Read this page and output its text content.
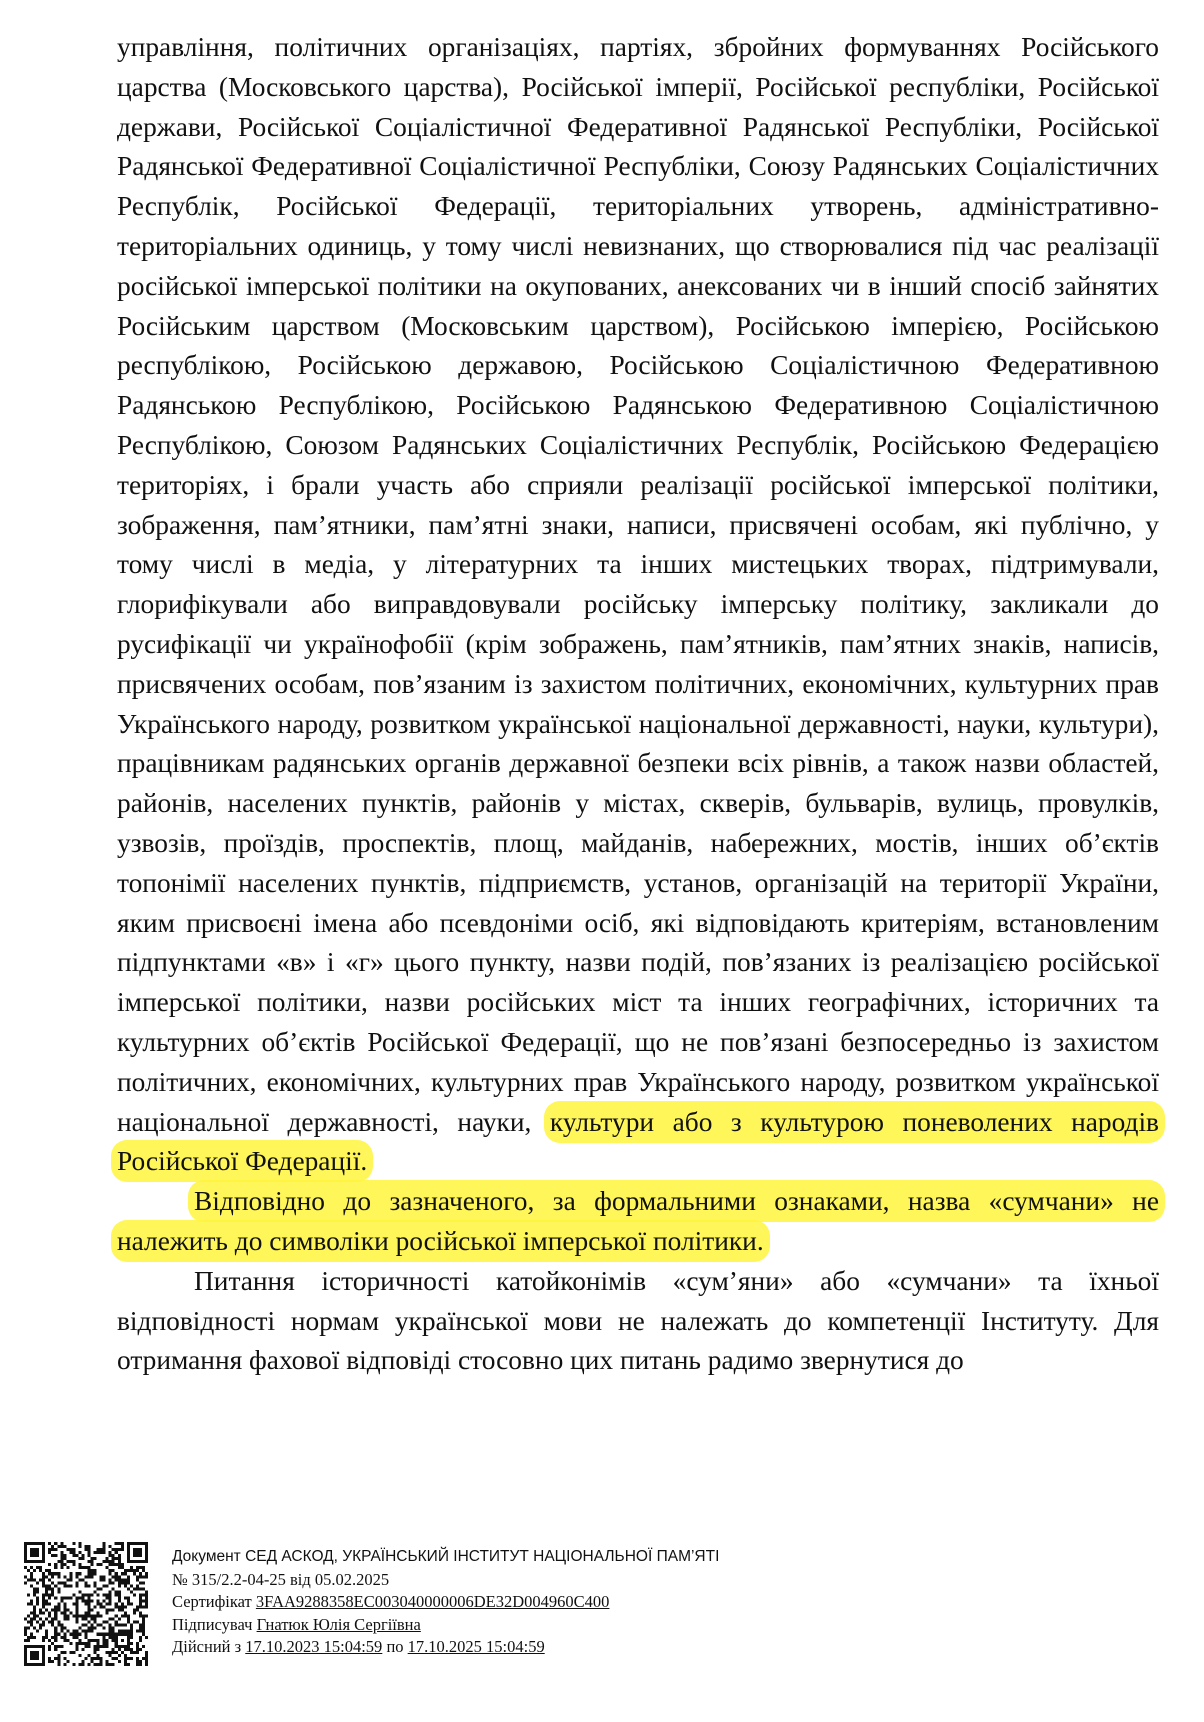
управління, політичних організаціях, партіях, збройних формуваннях Російського царства (Московського царства), Російської імперії, Російської республіки, Російської держави, Російської Соціалістичної Федеративної Радянської Республіки, Російської Радянської Федеративної Соціалістичної Республіки, Союзу Радянських Соціалістичних Республік, Російської Федерації, територіальних утворень, адміністративно-територіальних одиниць, у тому числі невизнаних, що створювалися під час реалізації російської імперської політики на окупованих, анексованих чи в інший спосіб зайнятих Російським царством (Московським царством), Російською імперією, Російською республікою, Російською державою, Російською Соціалістичною Федеративною Радянською Республікою, Російською Радянською Федеративною Соціалістичною Республікою, Союзом Радянських Соціалістичних Республік, Російською Федерацією територіях, і брали участь або сприяли реалізації російської імперської політики, зображення, пам’ятники, пам’ятні знаки, написи, присвячені особам, які публічно, у тому числі в медіа, у літературних та інших мистецьких творах, підтримували, глорифікували або виправдовували російську імперську політику, закликали до русифікації чи українофобії (крім зображень, пам’ятників, пам’ятних знаків, написів, присвячених особам, пов’язаним із захистом політичних, економічних, культурних прав Українського народу, розвитком української національної державності, науки, культури), працівникам радянських органів державної безпеки всіх рівнів, а також назви областей, районів, населених пунктів, районів у містах, скверів, бульварів, вулиць, провулків, узвозів, проїздів, проспектів, площ, майданів, набережних, мостів, інших об’єктів топонімії населених пунктів, підприємств, установ, організацій на території України, яким присвоєні імена або псевдоніми осіб, які відповідають критеріям, встановленим підпунктами «в» і «г» цього пункту, назви подій, пов’язаних із реалізацією російської імперської політики, назви російських міст та інших географічних, історичних та культурних об’єктів Російської Федерації, що не пов’язані безпосередньо із захистом політичних, економічних, культурних прав Українського народу, розвитком української національної державності, науки, культури або з культурою поневолених народів Російської Федерації.

Відповідно до зазначеного, за формальними ознаками, назва «сумчани» не належить до символіки російської імперської політики.

Питання історичності катойконімів «сум’яни» або «сумчани» та їхньої відповідності нормам української мови не належать до компетенції Інституту. Для отримання фахової відповіді стосовно цих питань радимо звернутися до

Документ СЕД АСКОД, УКРАЇНСЬКИЙ ІНСТИТУТ НАЦІОНАЛЬНОЇ ПАМ’ЯТІ
№ 315/2.2-04-25 від 05.02.2025
Сертифікат 3FAA9288358EC003040000006DE32D004960C400
Підписувач Гнатюк Юлія Сергіївна
Дійсний з 17.10.2023 15:04:59 по 17.10.2025 15:04:59
